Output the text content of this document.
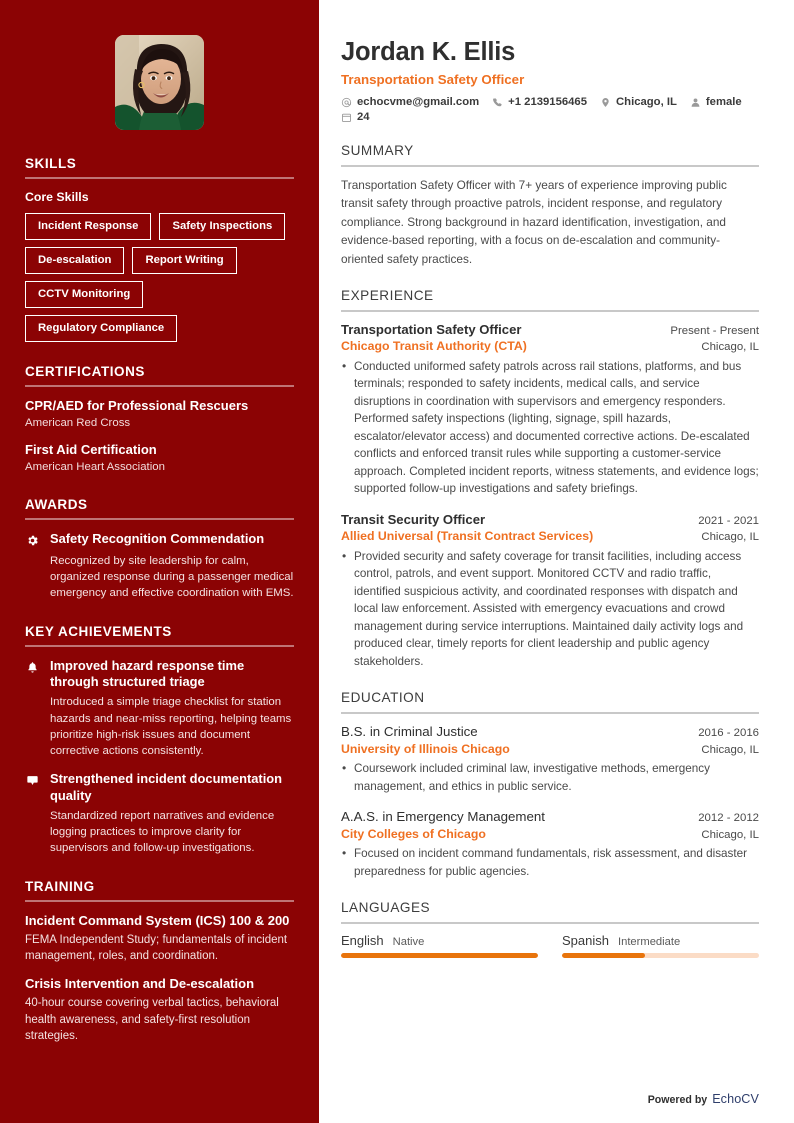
SKILLS
Core Skills
Incident Response	Safety Inspections
De-escalation	Report Writing
CCTV Monitoring
Regulatory Compliance
CERTIFICATIONS
CPR/AED for Professional Rescuers
American Red Cross
First Aid Certification
American Heart Association
AWARDS
Safety Recognition Commendation
Recognized by site leadership for calm, organized response during a passenger medical emergency and effective coordination with EMS.
KEY ACHIEVEMENTS
Improved hazard response time through structured triage
Introduced a simple triage checklist for station hazards and near-miss reporting, helping teams prioritize high-risk issues and document corrective actions consistently.
Strengthened incident documentation quality
Standardized report narratives and evidence logging practices to improve clarity for supervisors and follow-up investigations.
TRAINING
Incident Command System (ICS) 100 & 200
FEMA Independent Study; fundamentals of incident management, roles, and coordination.
Crisis Intervention and De-escalation
40-hour course covering verbal tactics, behavioral health awareness, and safety-first resolution strategies.
Jordan K. Ellis
Transportation Safety Officer
echocvme@gmail.com	+1 2139156465	Chicago, IL	female
24
SUMMARY

Transportation Safety Officer with 7+ years of experience improving public transit safety through proactive patrols, incident response, and regulatory compliance. Strong background in hazard identification, investigation, and evidence-based reporting, with a focus on de-escalation and community-oriented safety practices.

EXPERIENCE
Transportation Safety Officer	Present - Present
Chicago Transit Authority (CTA)	Chicago, IL
• Conducted uniformed safety patrols across rail stations, platforms, and bus terminals; responded to safety incidents, medical calls, and service disruptions in coordination with supervisors and emergency responders. Performed safety inspections (lighting, signage, spill hazards, escalator/elevator access) and documented corrective actions. De-escalated conflicts and enforced transit rules while supporting a customer-service approach. Completed incident reports, witness statements, and evidence logs; supported follow-up investigations and safety briefings.
Transit Security Officer	2021 - 2021
Allied Universal (Transit Contract Services)	Chicago, IL
• Provided security and safety coverage for transit facilities, including access control, patrols, and event support. Monitored CCTV and radio traffic, identified suspicious activity, and coordinated responses with dispatch and local law enforcement. Assisted with emergency evacuations and crowd management during service interruptions. Maintained daily activity logs and produced clear, timely reports for client leadership and public agency stakeholders.
EDUCATION
B.S. in Criminal Justice	2016 - 2016
University of Illinois Chicago	Chicago, IL
• Coursework included criminal law, investigative methods, emergency management, and ethics in public service.
A.A.S. in Emergency Management	2012 - 2012
City Colleges of Chicago	Chicago, IL
• Focused on incident command fundamentals, risk assessment, and disaster preparedness for public agencies.
LANGUAGES
English Native	Spanish Intermediate
Powered by EchoCV
